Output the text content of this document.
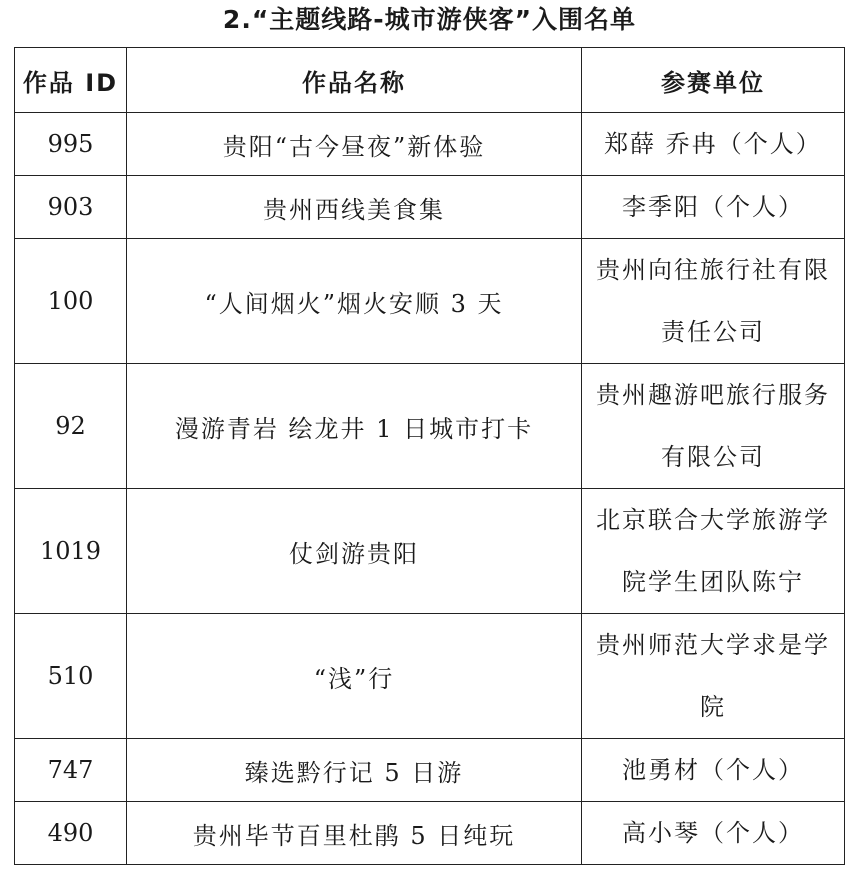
2.“主题线路-城市游侠客”入围名单
作品 ID	作品名称	参赛单位
995	贵阳“古今昼夜”新体验	郑薛 乔冉（个人）
903	贵州西线美食集	李季阳（个人）
100	“人间烟火”烟火安顺 3 天	贵州向往旅行社有限责任公司

92	漫游青岩 绘龙井 1 日城市打卡	贵州趣游吧旅行服务有限公司

1019	仗剑游贵阳	北京联合大学旅游学院学生团队陈宁

510	“浅”行	贵州师范大学求是学院

747	臻选黔行记 5 日游	池勇材（个人）
490	贵州毕节百里杜鹃 5 日纯玩	高小琴（个人）
